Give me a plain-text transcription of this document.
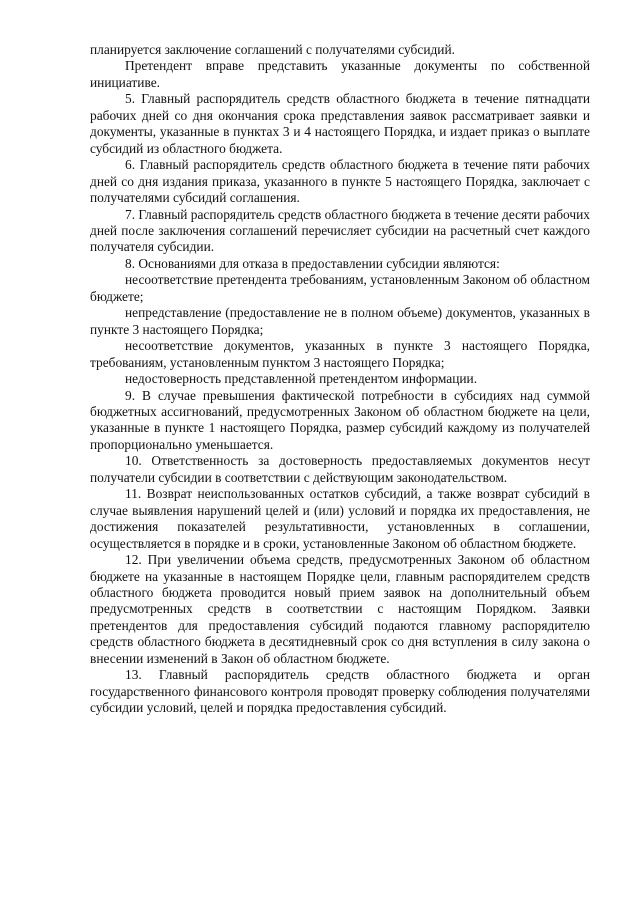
планируется заключение соглашений с получателями субсидий.

Претендент вправе представить указанные документы по собственной инициативе.

5. Главный распорядитель средств областного бюджета в течение пятнадцати рабочих дней со дня окончания срока представления заявок рассматривает заявки и документы, указанные в пунктах 3 и 4 настоящего Порядка, и издает приказ о выплате субсидий из областного бюджета.

6. Главный распорядитель средств областного бюджета в течение пяти рабочих дней со дня издания приказа, указанного в пункте 5 настоящего Порядка, заключает с получателями субсидий соглашения.

7. Главный распорядитель средств областного бюджета в течение десяти рабочих дней после заключения соглашений перечисляет субсидии на расчетный счет каждого получателя субсидии.

8. Основаниями для отказа в предоставлении субсидии являются:

несоответствие претендента требованиям, установленным Законом об областном бюджете;

непредставление (предоставление не в полном объеме) документов, указанных в пункте 3 настоящего Порядка;

несоответствие документов, указанных в пункте 3 настоящего Порядка, требованиям, установленным пунктом 3 настоящего Порядка;

недостоверность представленной претендентом информации.

9. В случае превышения фактической потребности в субсидиях над суммой бюджетных ассигнований, предусмотренных Законом об областном бюджете на цели, указанные в пункте 1 настоящего Порядка, размер субсидий каждому из получателей пропорционально уменьшается.

10. Ответственность за достоверность предоставляемых документов несут получатели субсидии в соответствии с действующим законодательством.

11. Возврат неиспользованных остатков субсидий, а также возврат субсидий в случае выявления нарушений целей и (или) условий и порядка их предоставления, не достижения показателей результативности, установленных в соглашении, осуществляется в порядке и в сроки, установленные Законом об областном бюджете.

12. При увеличении объема средств, предусмотренных Законом об областном бюджете на указанные в настоящем Порядке цели, главным распорядителем средств областного бюджета проводится новый прием заявок на дополнительный объем предусмотренных средств в соответствии с настоящим Порядком. Заявки претендентов для предоставления субсидий подаются главному распорядителю средств областного бюджета в десятидневный срок со дня вступления в силу закона о внесении изменений в Закон об областном бюджете.

13. Главный распорядитель средств областного бюджета и орган государственного финансового контроля проводят проверку соблюдения получателями субсидии условий, целей и порядка предоставления субсидий.
